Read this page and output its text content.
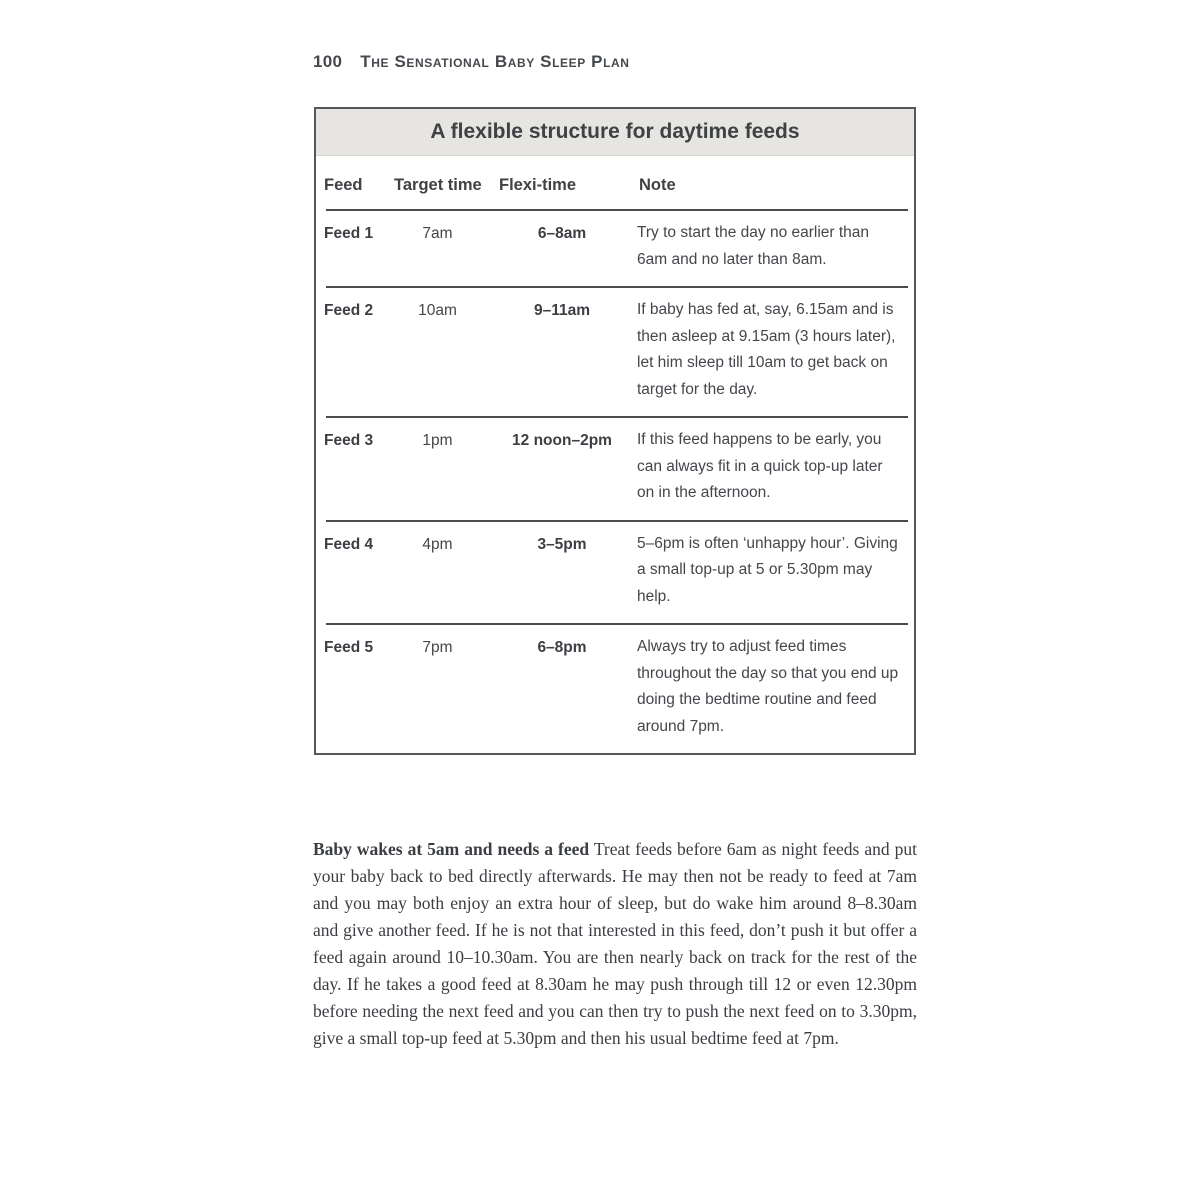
100 The Sensational Baby Sleep Plan
A flexible structure for daytime feeds
Feed	Target time	Flexi-time	Note
Feed 1	7am	6–8am	Try to start the day no earlier than 6am and no later than 8am.
Feed 2	10am	9–11am	If baby has fed at, say, 6.15am and is then asleep at 9.15am (3 hours later), let him sleep till 10am to get back on target for the day.
Feed 3	1pm	12 noon–2pm	If this feed happens to be early, you can always fit in a quick top-up later on in the afternoon.
Feed 4	4pm	3–5pm	5–6pm is often ‘unhappy hour’. Giving a small top-up at 5 or 5.30pm may help.
Feed 5	7pm	6–8pm	Always try to adjust feed times throughout the day so that you end up doing the bedtime routine and feed around 7pm.

Baby wakes at 5am and needs a feed Treat feeds before 6am as night feeds and put your baby back to bed directly afterwards. He may then not be ready to feed at 7am and you may both enjoy an extra hour of sleep, but do wake him around 8–8.30am and give another feed. If he is not that interested in this feed, don’t push it but offer a feed again around 10–10.30am. You are then nearly back on track for the rest of the day. If he takes a good feed at 8.30am he may push through till 12 or even 12.30pm before needing the next feed and you can then try to push the next feed on to 3.30pm, give a small top-up feed at 5.30pm and then his usual bedtime feed at 7pm.
